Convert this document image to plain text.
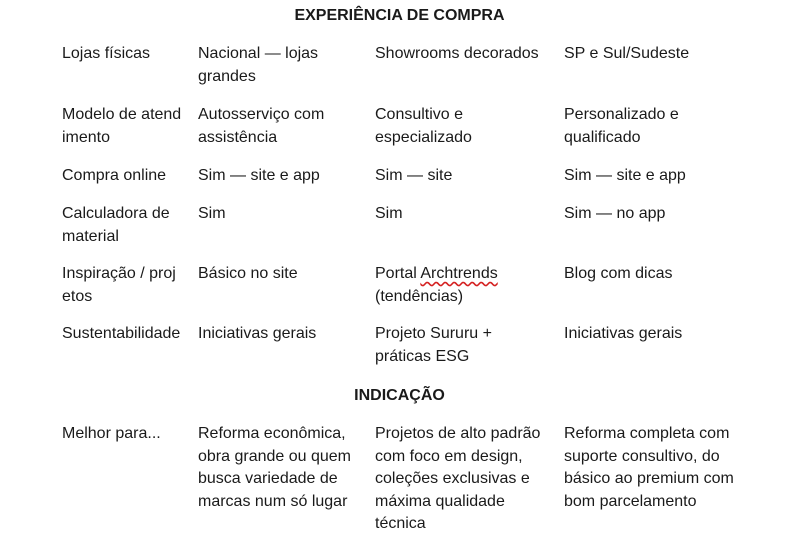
EXPERIÊNCIA DE COMPRA
Lojas físicas	Nacional — lojas grandes	Showrooms decorados	SP e Sul/Sudeste
Modelo de atendimento	Autosserviço com assistência	Consultivo e especializado	Personalizado e qualificado
Compra online	Sim — site e app	Sim — site	Sim — site e app
Calculadora de material	Sim	Sim	Sim — no app
Inspiração / projetos	Básico no site	Portal Archtrends (tendências)	Blog com dicas
Sustentabilidade	Iniciativas gerais	Projeto Sururu + práticas ESG	Iniciativas gerais
INDICAÇÃO
Melhor para...	Reforma econômica, obra grande ou quem busca variedade de marcas num só lugar	Projetos de alto padrão com foco em design, coleções exclusivas e máxima qualidade técnica	Reforma completa com suporte consultivo, do básico ao premium com bom parcelamento
